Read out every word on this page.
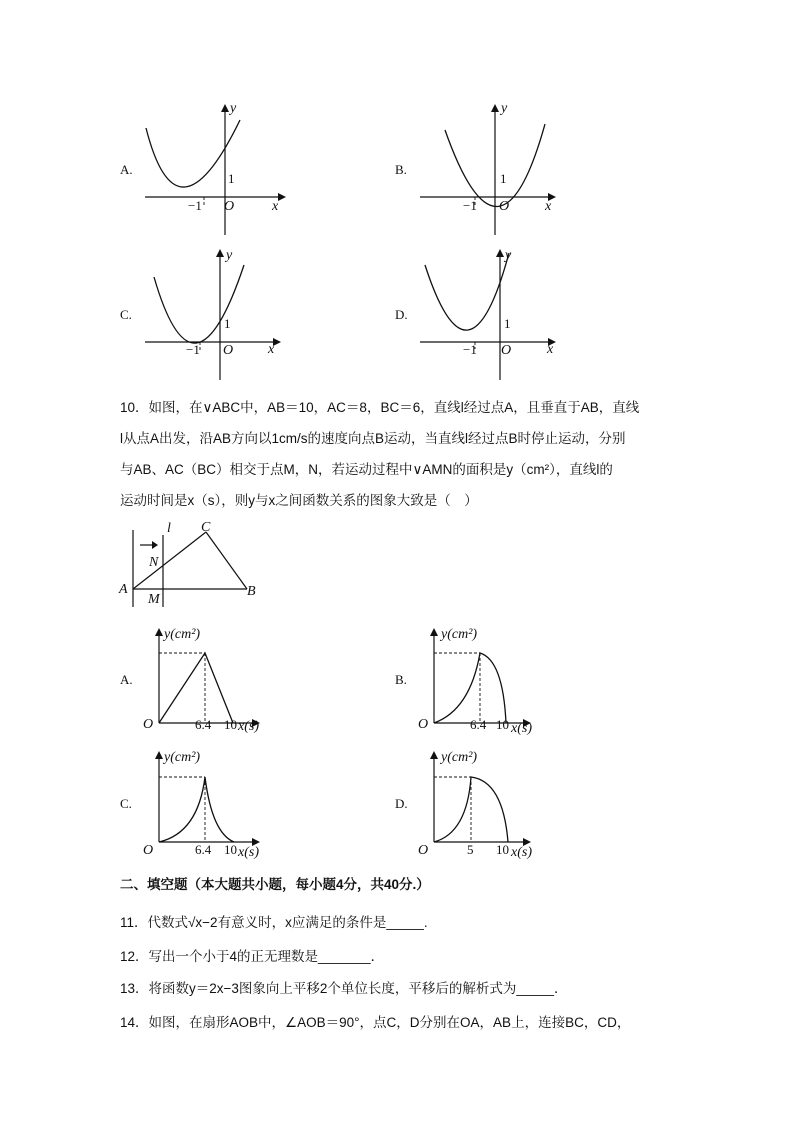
A.
y
x
O
−1
1
B.
y
x
O
−1
1
C.
y
x
O
−1
1
D.
y
x
O
−1
1
10．如图，在∨ABC中，AB＝10，AC＝8，BC＝6，直线l经过点A，且垂直于AB，直线
l从点A出发，沿AB方向以1cm/s的速度向点B运动，当直线l经过点B时停止运动，分别
与AB、AC（BC）相交于点M，N，若运动过程中∨AMN的面积是y（cm²），直线l的
运动时间是x（s），则y与x之间函数关系的图象大致是（　）
A	B
C
M
N
l
A.
y(cm²)
O	6.4 10 x(s)
B.
y(cm²)
O	6.4 10 x(s)
C.
y(cm²)
O	6.4 10 x(s)
D.
y(cm²)
O	5 10 x(s)
二、填空题（本大题共小题，每小题4分，共40分.）
11．代数式√x−2有意义时，x应满足的条件是_____.
12．写出一个小于4的正无理数是_______．
13．将函数y＝2x−3图象向上平移2个单位长度，平移后的解析式为_____．
14．如图，在扇形AOB中，∠AOB＝90°，点C，D分别在OA，AB上，连接BC，CD，
